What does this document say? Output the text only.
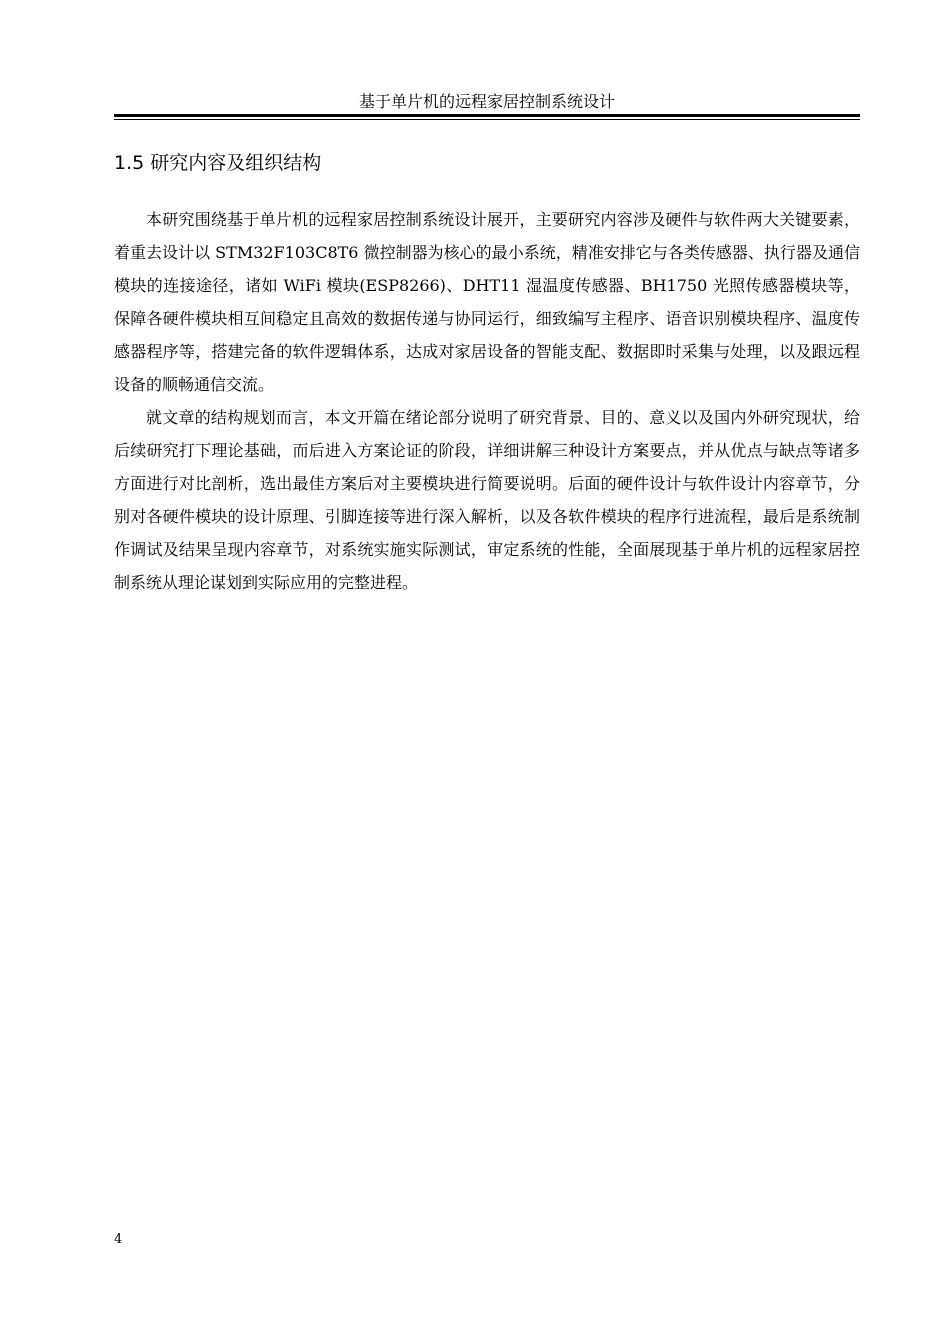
基于单片机的远程家居控制系统设计
1.5 研究内容及组织结构

本研究围绕基于单片机的远程家居控制系统设计展开，主要研究内容涉及硬件与软件两大关键要素，着重去设计以 STM32F103C8T6 微控制器为核心的最小系统，精准安排它与各类传感器、执行器及通信模块的连接途径，诸如 WiFi 模块(ESP8266)、DHT11 湿温度传感器、BH1750 光照传感器模块等，保障各硬件模块相互间稳定且高效的数据传递与协同运行，细致编写主程序、语音识别模块程序、温度传感器程序等，搭建完备的软件逻辑体系，达成对家居设备的智能支配、数据即时采集与处理，以及跟远程设备的顺畅通信交流。

就文章的结构规划而言，本文开篇在绪论部分说明了研究背景、目的、意义以及国内外研究现状，给后续研究打下理论基础，而后进入方案论证的阶段，详细讲解三种设计方案要点，并从优点与缺点等诸多方面进行对比剖析，选出最佳方案后对主要模块进行简要说明。后面的硬件设计与软件设计内容章节，分别对各硬件模块的设计原理、引脚连接等进行深入解析，以及各软件模块的程序行进流程，最后是系统制作调试及结果呈现内容章节，对系统实施实际测试，审定系统的性能，全面展现基于单片机的远程家居控制系统从理论谋划到实际应用的完整进程。

4
